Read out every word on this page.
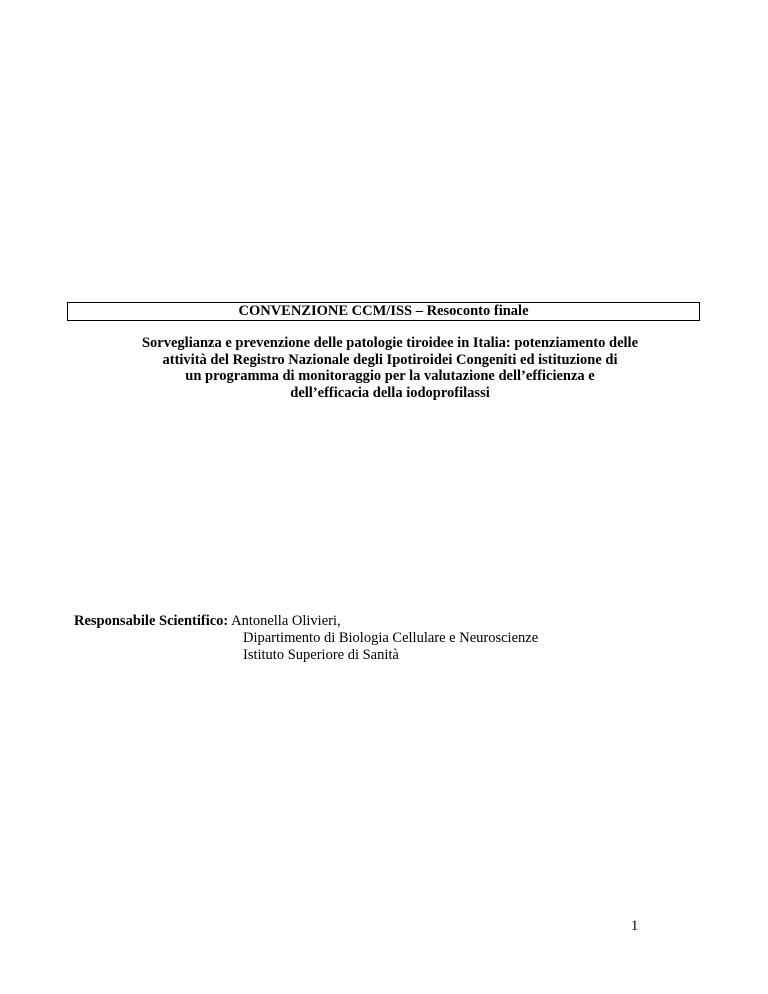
CONVENZIONE CCM/ISS – Resoconto finale
Sorveglianza e prevenzione delle patologie tiroidee in Italia: potenziamento delle
attività del Registro Nazionale degli Ipotiroidei Congeniti ed istituzione di
un programma di monitoraggio per la valutazione dell’efficienza e
dell’efficacia della iodoprofilassi
Responsabile Scientifico: Antonella Olivieri,
Dipartimento di Biologia Cellulare e Neuroscienze
Istituto Superiore di Sanità
1
